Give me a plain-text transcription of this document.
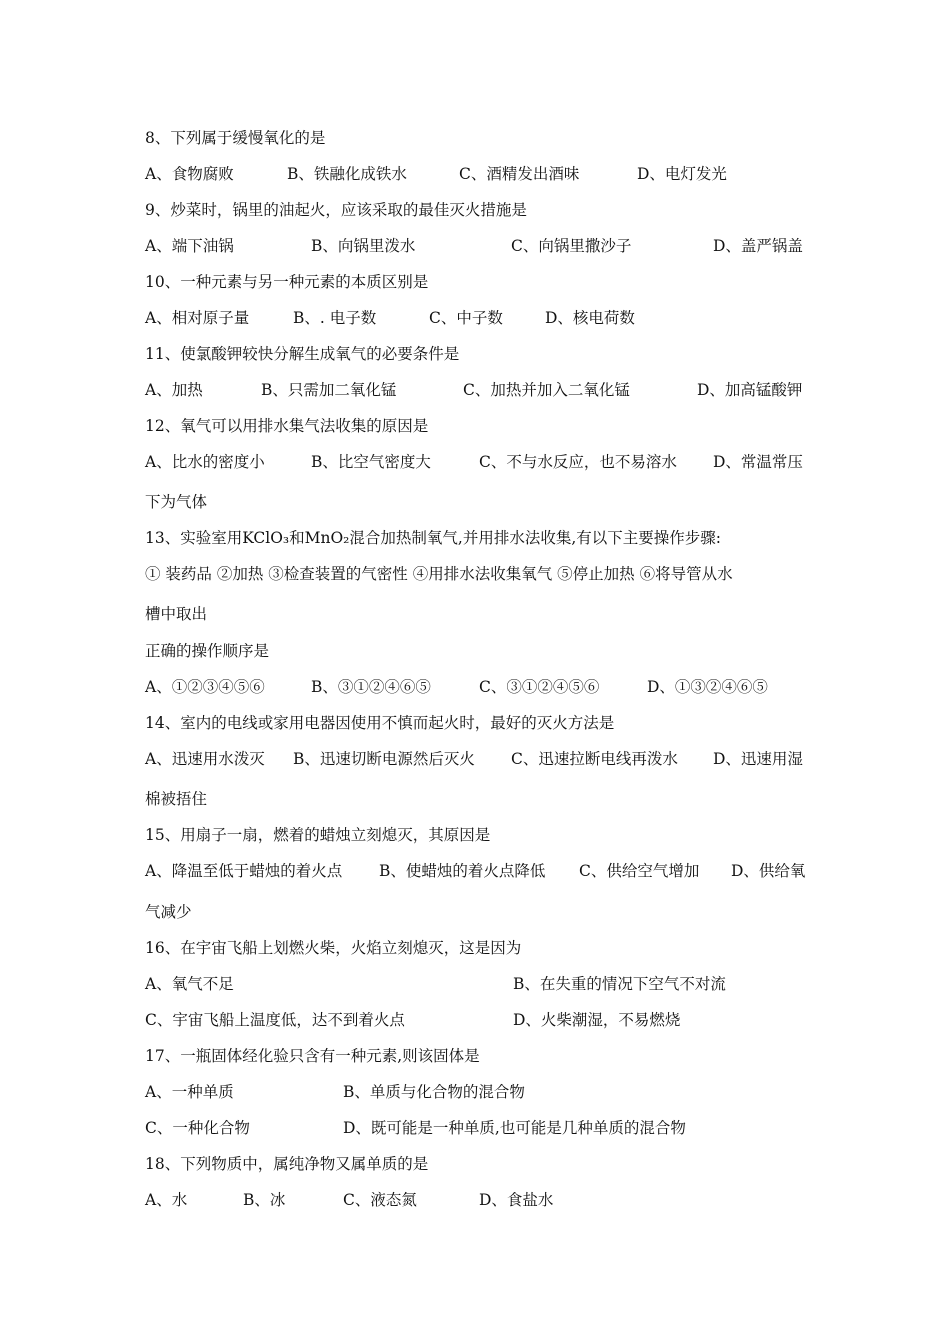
8、下列属于缓慢氧化的是
A、食物腐败	B、铁融化成铁水	C、酒精发出酒味	D、电灯发光
9、炒菜时，锅里的油起火，应该采取的最佳灭火措施是
A、端下油锅	B、向锅里泼水	C、向锅里撒沙子	D、盖严锅盖
10、一种元素与另一种元素的本质区别是
A、相对原子量	B、. 电子数	C、中子数	D、核电荷数
11、使氯酸钾较快分解生成氧气的必要条件是
A、加热	B、只需加二氧化锰	C、加热并加入二氧化锰	D、加高锰酸钾
12、氧气可以用排水集气法收集的原因是
A、比水的密度小	B、比空气密度大	C、不与水反应，也不易溶水 D、常温常压
下为气体
13、实验室用KClO₃和MnO₂混合加热制氧气,并用排水法收集,有以下主要操作步骤:
① 装药品 ②加热 ③检查装置的气密性 ④用排水法收集氧气 ⑤停止加热 ⑥将导管从水
槽中取出
正确的操作顺序是
A、①②③④⑤⑥	B、③①②④⑥⑤	C、③①②④⑤⑥	D、①③②④⑥⑤
14、室内的电线或家用电器因使用不慎而起火时，最好的灭火方法是
A、迅速用水泼灭 B、迅速切断电源然后灭火 C、迅速拉断电线再泼水 D、迅速用湿
棉被捂住
15、用扇子一扇，燃着的蜡烛立刻熄灭，其原因是
A、降温至低于蜡烛的着火点 B、使蜡烛的着火点降低 C、供给空气增加 D、供给氧
气减少
16、在宇宙飞船上划燃火柴，火焰立刻熄灭，这是因为
A、氧气不足	B、在失重的情况下空气不对流
C、宇宙飞船上温度低，达不到着火点	D、火柴潮湿，不易燃烧
17、一瓶固体经化验只含有一种元素,则该固体是
A、一种单质	B、单质与化合物的混合物
C、一种化合物	D、既可能是一种单质,也可能是几种单质的混合物
18、下列物质中，属纯净物又属单质的是
A、水	B、冰	C、液态氮	D、食盐水
